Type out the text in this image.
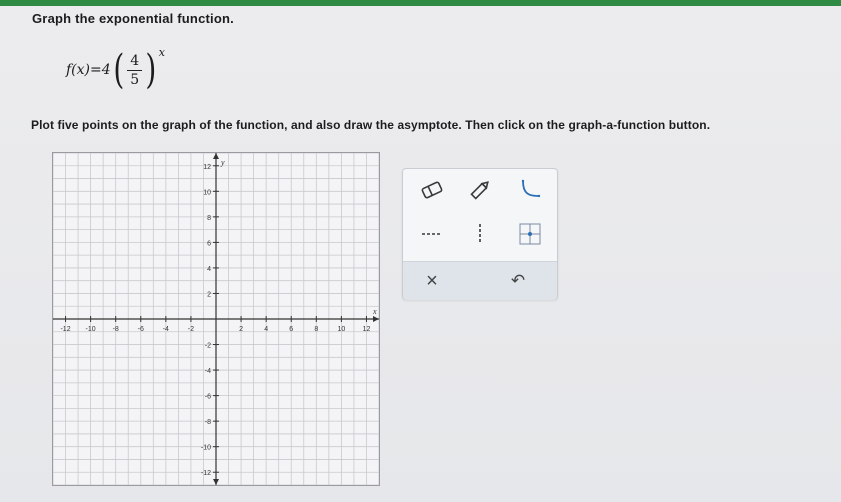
Graph the exponential function.
f(x) =4 ( $\frac{4}{5}$ ) x
Plot five points on the graph of the function, and also draw the asymptote. Then click on the graph-a-function button.
-12 -10 -8	-6	-4	-2	2	4	6	8	10 12
12
10
8
6
4
2
-2
-4
-6
-8
-10
-12
x
y
×	↶
